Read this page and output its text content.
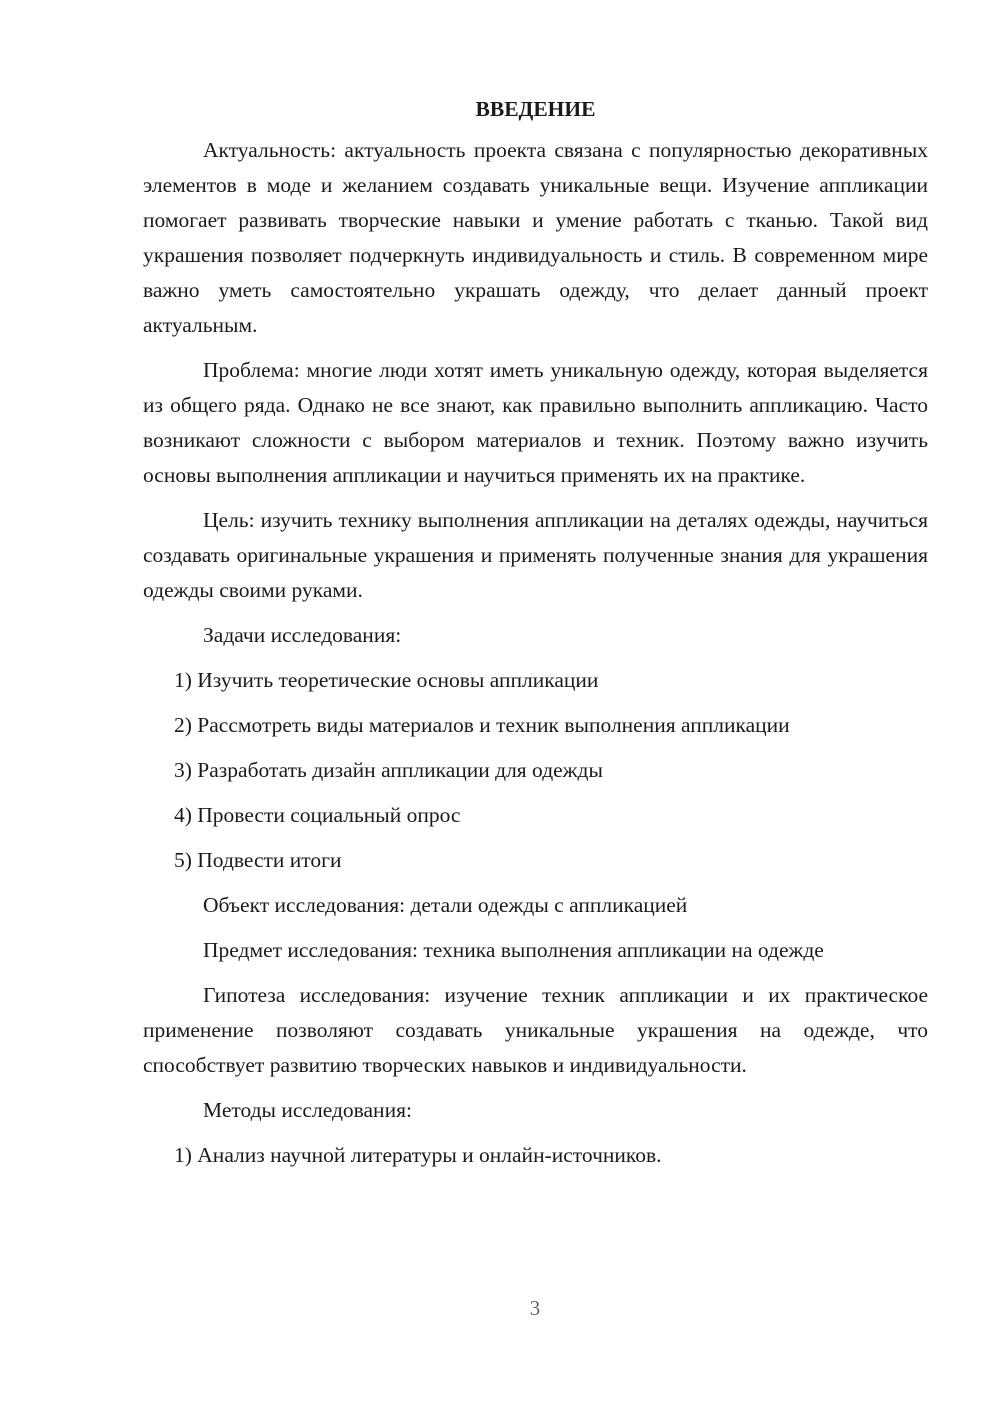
ВВЕДЕНИЕ

Актуальность: актуальность проекта связана с популярностью декоративных элементов в моде и желанием создавать уникальные вещи. Изучение аппликации помогает развивать творческие навыки и умение работать с тканью. Такой вид украшения позволяет подчеркнуть индивидуальность и стиль. В современном мире важно уметь самостоятельно украшать одежду, что делает данный проект актуальным.

Проблема: многие люди хотят иметь уникальную одежду, которая выделяется из общего ряда. Однако не все знают, как правильно выполнить аппликацию. Часто возникают сложности с выбором материалов и техник. Поэтому важно изучить основы выполнения аппликации и научиться применять их на практике.

Цель: изучить технику выполнения аппликации на деталях одежды, научиться создавать оригинальные украшения и применять полученные знания для украшения одежды своими руками.

Задачи исследования:

1) Изучить теоретические основы аппликации

2) Рассмотреть виды материалов и техник выполнения аппликации

3) Разработать дизайн аппликации для одежды

4) Провести социальный опрос

5) Подвести итоги

Объект исследования: детали одежды с аппликацией

Предмет исследования: техника выполнения аппликации на одежде

Гипотеза исследования: изучение техник аппликации и их практическое применение позволяют создавать уникальные украшения на одежде, что способствует развитию творческих навыков и индивидуальности.

Методы исследования:

1) Анализ научной литературы и онлайн-источников.

3
